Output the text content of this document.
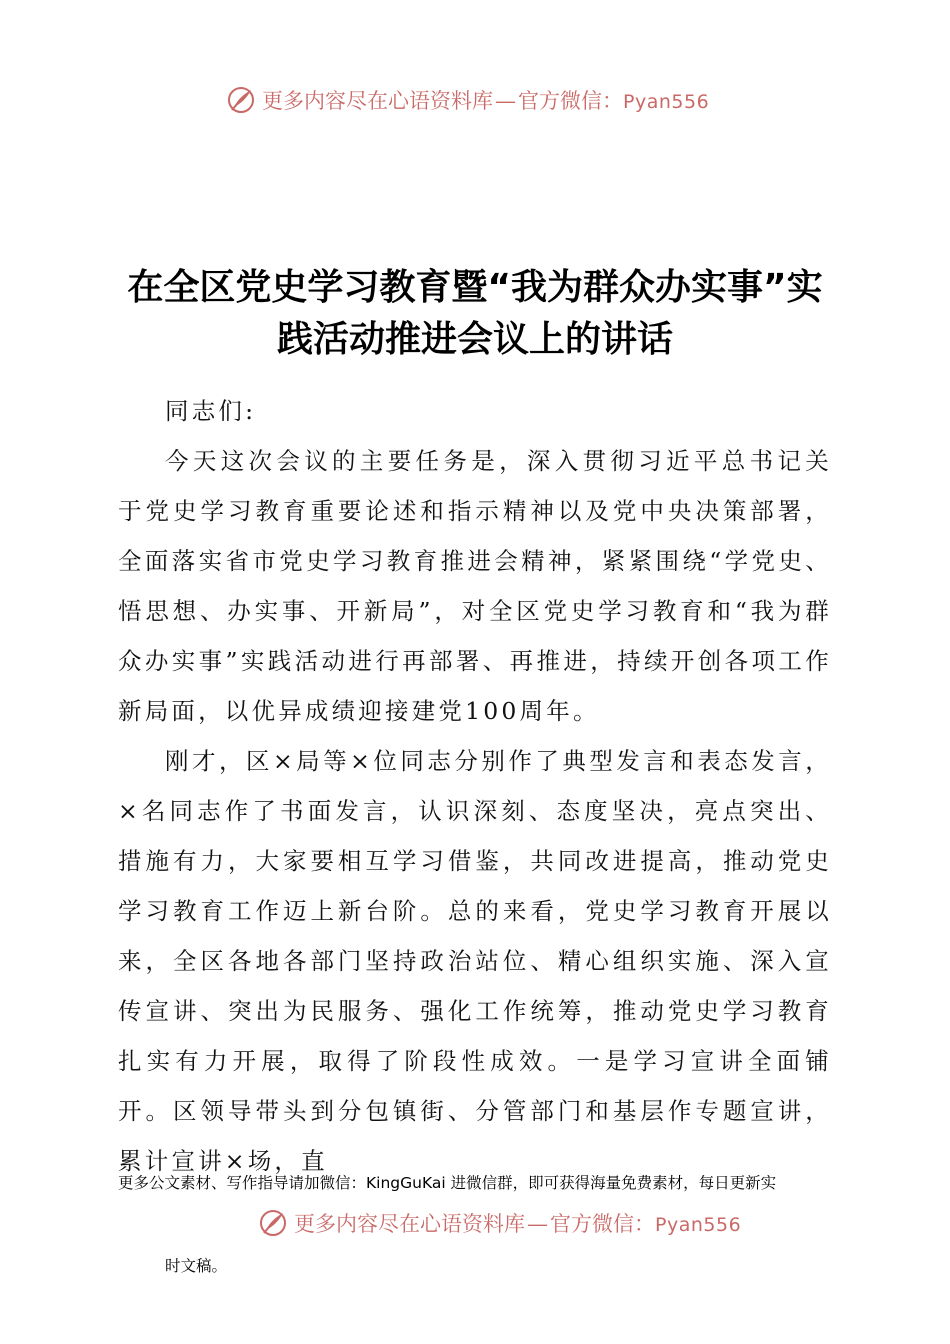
更多内容尽在心语资料库 — 官方微信： Pyan556
在全区党史学习教育暨“我为群众办实事”实
践活动推进会议上的讲话

同志们:

今天这次会议的主要任务是，深入贯彻习近平总书记关于党史学习教育重要论述和指示精神以及党中央决策部署，全面落实省市党史学习教育推进会精神，紧紧围绕“学党史、悟思想、办实事、开新局”，对全区党史学习教育和“我为群众办实事”实践活动进行再部署、再推进，持续开创各项工作新局面，以优异成绩迎接建党100周年。

刚才，区×局等×位同志分别作了典型发言和表态发言，×名同志作了书面发言，认识深刻、态度坚决，亮点突出、措施有力，大家要相互学习借鉴，共同改进提高，推动党史学习教育工作迈上新台阶。总的来看，党史学习教育开展以来，全区各地各部门坚持政治站位、精心组织实施、深入宣传宣讲、突出为民服务、强化工作统筹，推动党史学习教育扎实有力开展，取得了阶段性成效。一是学习宣讲全面铺开。区领导带头到分包镇街、分管部门和基层作专题宣讲，累计宣讲×场，直

更多公文素材、写作指导请加微信：KingGuKai 进微信群，即可获得海量免费素材，每日更新实
更多内容尽在心语资料库 — 官方微信： Pyan556
时文稿。
